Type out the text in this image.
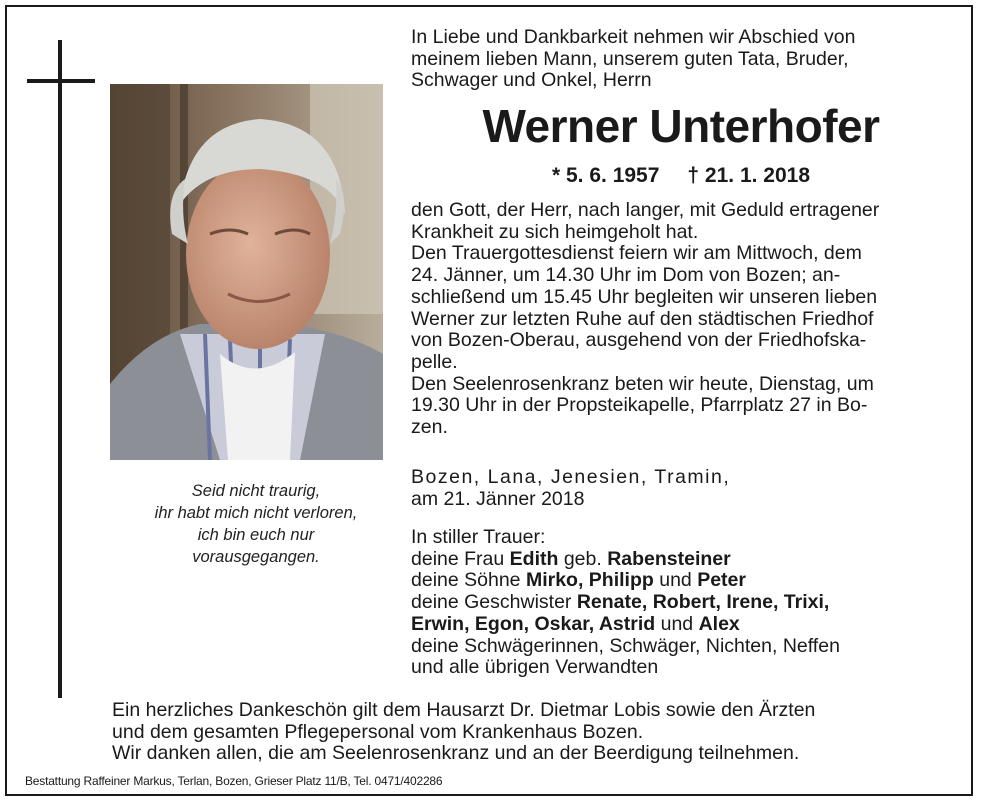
Seid nicht traurig,
ihr habt mich nicht verloren,
ich bin euch nur
vorausgegangen.
In Liebe und Dankbarkeit nehmen wir Abschied von
meinem lieben Mann, unserem guten Tata, Bruder,
Schwager und Onkel, Herrn
Werner Unterhofer
* 5. 6. 1957 † 21. 1. 2018
den Gott, der Herr, nach langer, mit Geduld ertragener
Krankheit zu sich heimgeholt hat.
Den Trauergottesdienst feiern wir am Mittwoch, dem
24. Jänner, um 14.30 Uhr im Dom von Bozen; an-
schließend um 15.45 Uhr begleiten wir unseren lieben
Werner zur letzten Ruhe auf den städtischen Friedhof
von Bozen-Oberau, ausgehend von der Friedhofska-
pelle.
Den Seelenrosenkranz beten wir heute, Dienstag, um
19.30 Uhr in der Propsteikapelle, Pfarrplatz 27 in Bo-
zen.
Bozen, Lana, Jenesien, Tramin,
am 21. Jänner 2018
In stiller Trauer:
deine Frau Edith geb. Rabensteiner
deine Söhne Mirko, Philipp und Peter
deine Geschwister Renate, Robert, Irene, Trixi,
Erwin, Egon, Oskar, Astrid und Alex
deine Schwägerinnen, Schwäger, Nichten, Neffen
und alle übrigen Verwandten
Ein herzliches Dankeschön gilt dem Hausarzt Dr. Dietmar Lobis sowie den Ärzten
und dem gesamten Pflegepersonal vom Krankenhaus Bozen.
Wir danken allen, die am Seelenrosenkranz und an der Beerdigung teilnehmen.
Bestattung Raffeiner Markus, Terlan, Bozen, Grieser Platz 11/B, Tel. 0471/402286
